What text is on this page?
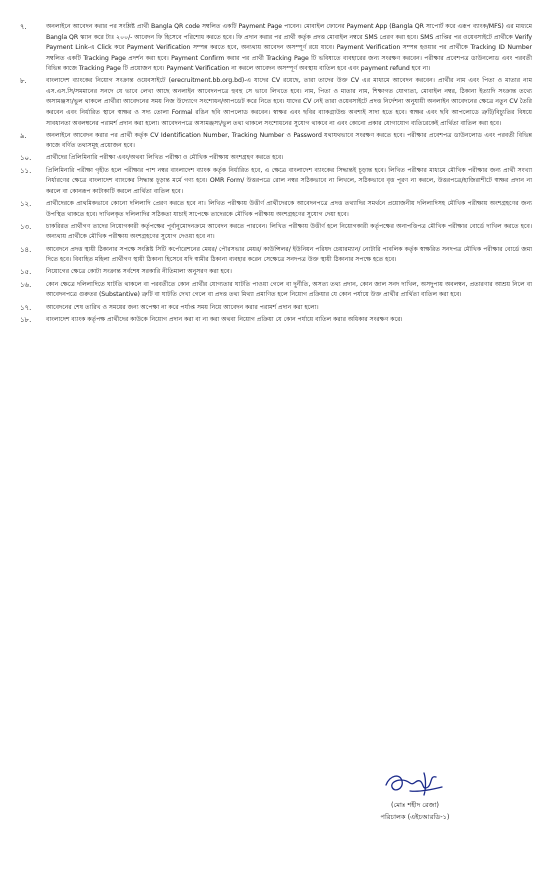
৭.	অনলাইনে আবেদন করার পর সংশ্লিষ্ট প্রার্থী Bangla QR code সম্বলিত একটি Payment Page পাবেন। মোবাইল ফোনের Payment App (Bangla QR সাপোর্ট করে এরূপ ব্যাংক/MFS) এর মাধ্যমে Bangla QR স্ক্যান করে টাঃ ২০০/- আবেদন ফি হিসেবে পরিশোধ করতে হবে। ফি প্রদান করার পর প্রার্থী কর্তৃক প্রদত্ত মোবাইল নম্বরে SMS প্রেরণ করা হবে। SMS প্রাপ্তির পর ওয়েবসাইটে প্রার্থীকে Verify Payment Link-এ Click করে Payment Verification সম্পন্ন করতে হবে, অন্যথায় আবেদন অসম্পূর্ণ রয়ে যাবে। Payment Verification সম্পন্ন হওয়ার পর প্রার্থীকে Tracking ID Number সম্বলিত একটি Tracking Page প্রদর্শন করা হবে। Payment Confirm করার পর প্রার্থী Tracking Page টি ভবিষ্যতে ব্যবহারের জন্য সংরক্ষণ করবেন। পরীক্ষার প্রবেশপত্র ডাউনলোড এবং পরবর্তী বিভিন্ন কাজে Tracking Page টি প্রয়োজন হবে। Payment Verification না করলে আবেদন অসম্পূর্ণ অবস্থায় বাতিল হবে এবং payment refund হবে না।
৮.	বাংলাদেশ ব্যাংকের নিয়োগ সংক্রান্ত ওয়েবসাইটে (erecruitment.bb.org.bd)-এ যাদের CV রয়েছে, তারা তাদের উক্ত CV এর মাধ্যমে আবেদন করবেন। প্রার্থীর নাম এবং পিতা ও মাতার নাম এস.এস.সি/সমমানের সনদে যে ভাবে লেখা আছে অনলাইন আবেদনপত্রে হুবহু সে ভাবে লিখতে হবে। নাম, পিতা ও মাতার নাম, শিক্ষাগত যোগ্যতা, মোবাইল নম্বর, ঠিকানা ইত্যাদি সংক্রান্ত তথ্যে অসামঞ্জস্য/ভুল থাকলে প্রার্থীরা আবেদনের সময় নিজ উদ্যোগে সংশোধন/আপডেট করে নিতে হবে। যাদের CV নেই তারা ওয়েবসাইটে প্রদত্ত নির্দেশনা অনুযায়ী অনলাইন আবেদনের ক্ষেত্রে নতুন CV তৈরি করবেন এবং নির্ধারিত স্থানে স্বাক্ষর ও সদ্য তোলা Formal রঙিন ছবি আপলোড করবেন। স্বাক্ষর এবং ছবির ব্যাকগ্রাউন্ড অবশ্যই সাদা হতে হবে। স্বাক্ষর এবং ছবি আপলোডে ত্রুটি/বিচ্যুতির বিষয়ে সাবধানতা অবলম্বনের পরামর্শ প্রদান করা হলো। আবেদনপত্রে অসামঞ্জস্য/ভুল তথ্য থাকলে সংশোধনের সুযোগ থাকবে না এবং কোনো প্রকার যোগাযোগ ব্যতিরেকেই প্রার্থিতা বাতিল করা হবে।
৯.	অনলাইনে আবেদন করার পর প্রার্থী কর্তৃক CV Identification Number, Tracking Number ও Password যথাযথভাবে সংরক্ষণ করতে হবে। পরীক্ষার প্রবেশপত্র ডাউনলোড এবং পরবর্তী বিভিন্ন কাজে বর্ণিত তথ্যসমূহ প্রয়োজন হবে।
১০.	প্রার্থীদের প্রিলিমিনারি পরীক্ষা এবং/অথবা লিখিত পরীক্ষা ও মৌখিক পরীক্ষায় অংশগ্রহণ করতে হবে।
১১.	প্রিলিমিনারি পরীক্ষা গৃহীত হলে পরীক্ষার পাশ নম্বর বাংলাদেশ ব্যাংক কর্তৃক নির্ধারিত হবে, এ ক্ষেত্রে বাংলাদেশ ব্যাংকের সিদ্ধান্তই চূড়ান্ত হবে। লিখিত পরীক্ষার মাধ্যমে মৌখিক পরীক্ষার জন্য প্রার্থী সংখ্যা নির্ধারণের ক্ষেত্রে বাংলাদেশ ব্যাংকের সিদ্ধান্ত চূড়ান্ত মর্মে গণ্য হবে। OMR Form/ উত্তরপত্রে রোল নম্বর সঠিকভাবে না লিখলে, সঠিকভাবে বৃত্ত পূরণ না করলে, উত্তরপত্রে/হাজিরাশীটে স্বাক্ষর প্রদান না করলে বা কোনরূপ কাটাকাটি করলে প্রার্থিতা বাতিল হবে।
১২.	প্রার্থীদেরকে প্রাথমিকভাবে কোনো দলিলাদি প্রেরণ করতে হবে না। লিখিত পরীক্ষায় উত্তীর্ণ প্রার্থীদেরকে আবেদনপত্রে প্রদত্ত তথ্যাদির সমর্থনে প্রয়োজনীয় দলিলাদিসহ মৌখিক পরীক্ষায় অংশগ্রহণের জন্য উপস্থিত থাকতে হবে। দাখিলকৃত দলিলাদির সঠিকতা যাচাই সাপেক্ষে তাদেরকে মৌখিক পরীক্ষায় অংশগ্রহণের সুযোগ দেয়া হবে।
১৩.	চাকরিরত প্রার্থীগণ তাদের নিয়োগকারী কর্তৃপক্ষের পূর্বানুমোদনক্রমে আবেদন করতে পারবেন। লিখিত পরীক্ষায় উত্তীর্ণ হলে নিয়োগকারী কর্তৃপক্ষের অনাপত্তিপত্র মৌখিক পরীক্ষার বোর্ডে দাখিল করতে হবে। অন্যথায় প্রার্থীকে মৌখিক পরীক্ষায় অংশগ্রহণের সুযোগ দেওয়া হবে না।
১৪.	আবেদনে প্রদত্ত স্থায়ী ঠিকানার সপক্ষে সংশ্লিষ্ট সিটি কর্পোরেশনের মেয়র/ পৌরসভার মেয়র/ কাউন্সিলর/ ইউনিয়ন পরিষদ চেয়ারম্যান/ নোটারি পাবলিক কর্তৃক স্বাক্ষরিত সনদপত্র মৌখিক পরীক্ষার বোর্ডে জমা দিতে হবে। বিবাহিত মহিলা প্রার্থীগণ স্থায়ী ঠিকানা হিসেবে যদি স্বামীর ঠিকানা ব্যবহার করেন সেক্ষেত্রে সনদপত্র উক্ত স্থায়ী ঠিকানার সপক্ষে হতে হবে।
১৫.	নিয়োগের ক্ষেত্রে কোটা সংক্রান্ত সর্বশেষ সরকারি নীতিমালা অনুসরণ করা হবে।
১৬.	কোন ক্ষেত্রে দলিলাদিতে ঘাটতি থাকলে বা পরবর্তীতে কোন প্রার্থীর যোগ্যতার ঘাটতি পাওয়া গেলে বা দুর্নীতি, অসত্য তথ্য প্রদান, কোন জাল সনদ দাখিল, অসদুপায় অবলম্বন, প্রতারণার আশ্রয় নিলে বা আবেদনপত্রে গুরুতর (Substantive) ত্রুটি বা ঘাটতি দেখা গেলে বা প্রদত্ত তথ্য মিথ্যা প্রমাণিত হলে নিয়োগ প্রক্রিয়ার যে কোন পর্যায়ে উক্ত প্রার্থীর প্রার্থিতা বাতিল করা হবে।
১৭.	আবেদনের শেষ তারিখ ও সময়ের জন্য অপেক্ষা না করে পর্যাপ্ত সময় নিয়ে আবেদন করার পরামর্শ প্রদান করা হলো।
১৮.	বাংলাদেশ ব্যাংক কর্তৃপক্ষ প্রার্থীদের কাউকে নিয়োগ প্রদান করা বা না করা অথবা নিয়োগ প্রক্রিয়া যে কোন পর্যায়ে বাতিল করার অধিকার সংরক্ষণ করে।
(মোঃ শহীদ রেজা)
পরিচালক (এইচআরডি-১)
